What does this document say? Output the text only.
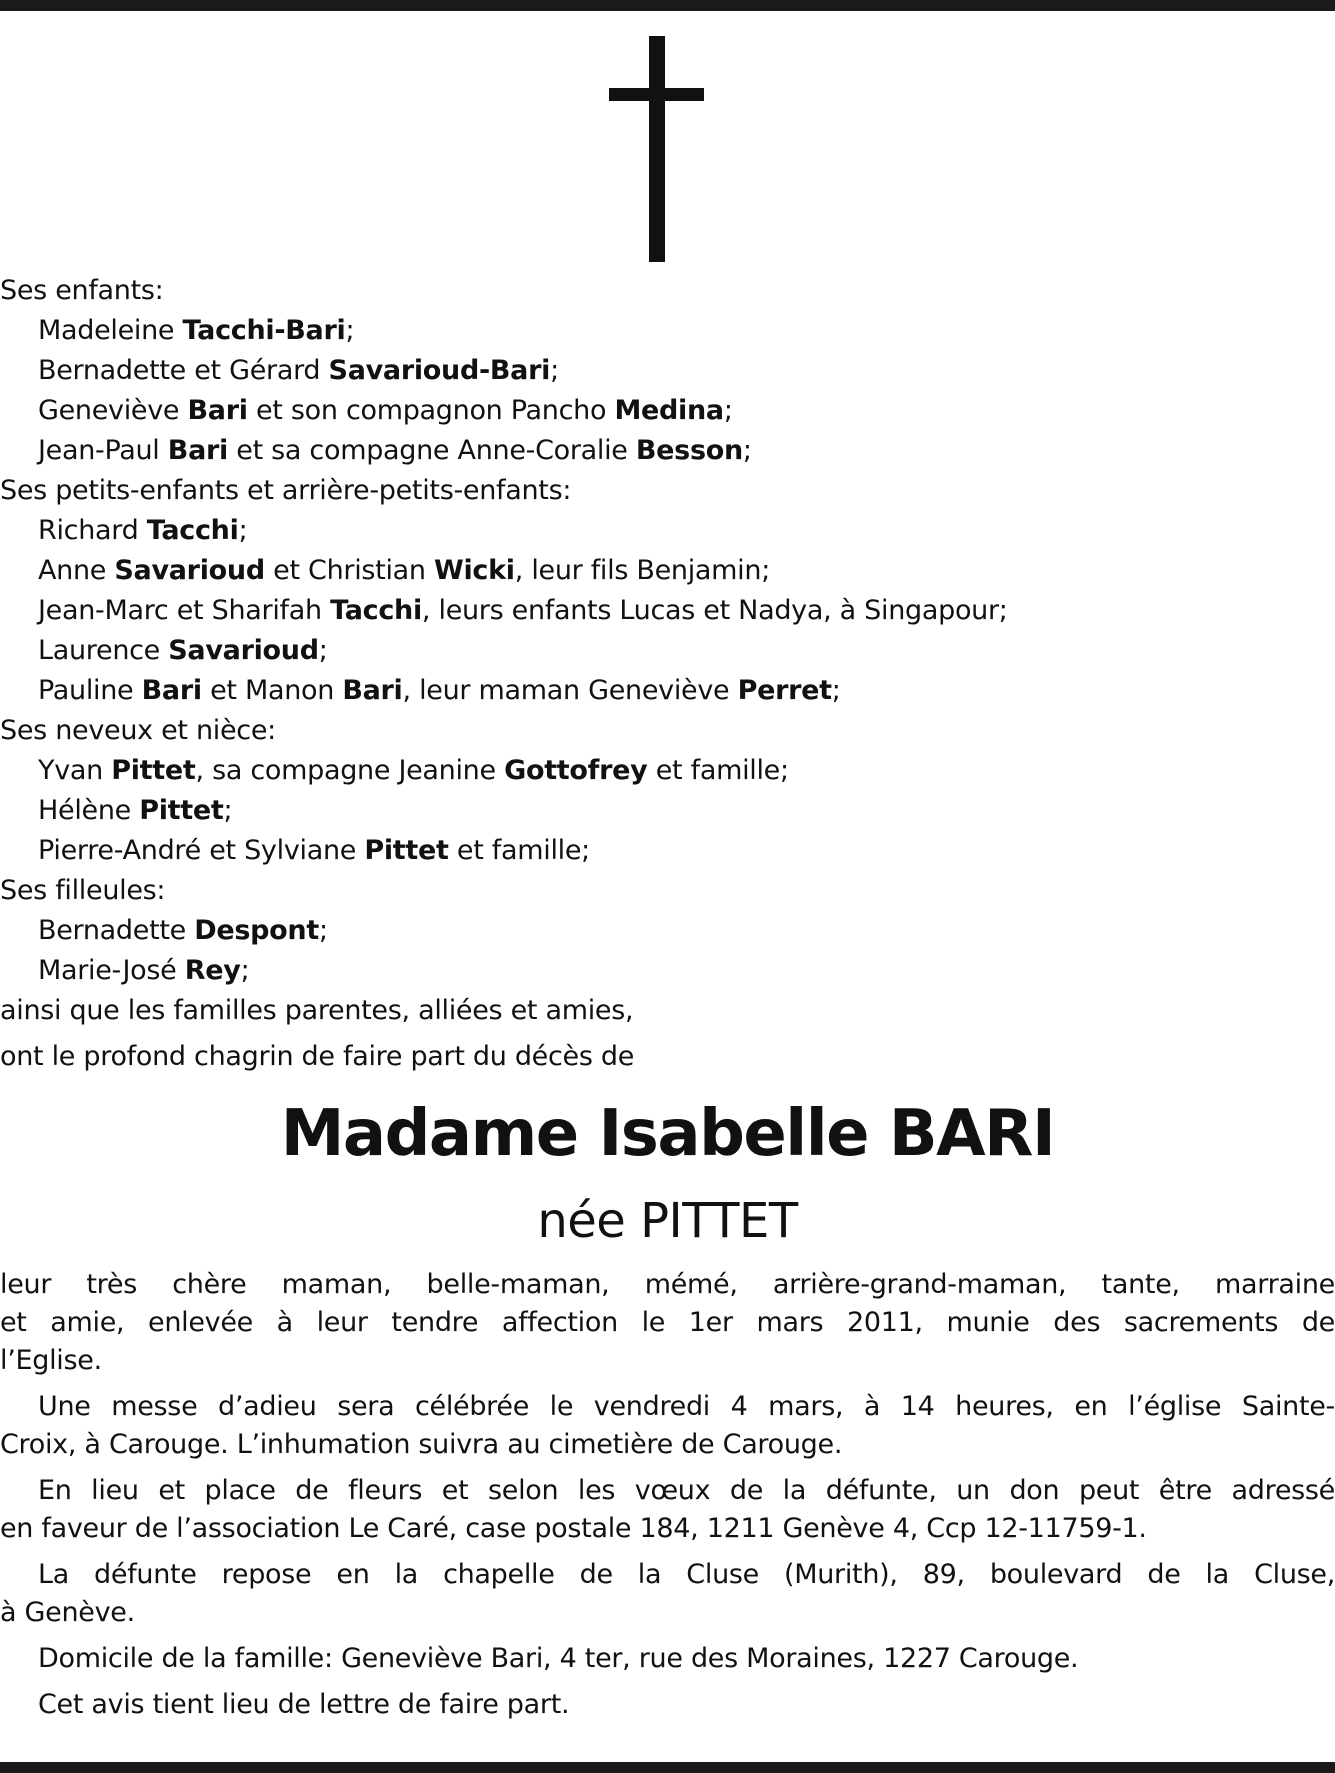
Ses enfants:
Madeleine Tacchi-Bari;
Bernadette et Gérard Savarioud-Bari;
Geneviève Bari et son compagnon Pancho Medina;
Jean-Paul Bari et sa compagne Anne-Coralie Besson;
Ses petits-enfants et arrière-petits-enfants:
Richard Tacchi;
Anne Savarioud et Christian Wicki, leur fils Benjamin;
Jean-Marc et Sharifah Tacchi, leurs enfants Lucas et Nadya, à Singapour;
Laurence Savarioud;
Pauline Bari et Manon Bari, leur maman Geneviève Perret;
Ses neveux et nièce:
Yvan Pittet, sa compagne Jeanine Gottofrey et famille;
Hélène Pittet;
Pierre-André et Sylviane Pittet et famille;
Ses filleules:
Bernadette Despont;
Marie-José Rey;
ainsi que les familles parentes, alliées et amies,
ont le profond chagrin de faire part du décès de
Madame Isabelle BARI
née PITTET
leur très chère maman, belle-maman, mémé, arrière-grand-maman, tante, marraine
et amie, enlevée à leur tendre affection le 1er mars 2011, munie des sacrements de
l’Eglise.
Une messe d’adieu sera célébrée le vendredi 4 mars, à 14 heures, en l’église Sainte-
Croix, à Carouge. L’inhumation suivra au cimetière de Carouge.
En lieu et place de fleurs et selon les vœux de la défunte, un don peut être adressé
en faveur de l’association Le Caré, case postale 184, 1211 Genève 4, Ccp 12-11759-1.
La défunte repose en la chapelle de la Cluse (Murith), 89, boulevard de la Cluse,
à Genève.
Domicile de la famille: Geneviève Bari, 4 ter, rue des Moraines, 1227 Carouge.
Cet avis tient lieu de lettre de faire part.
